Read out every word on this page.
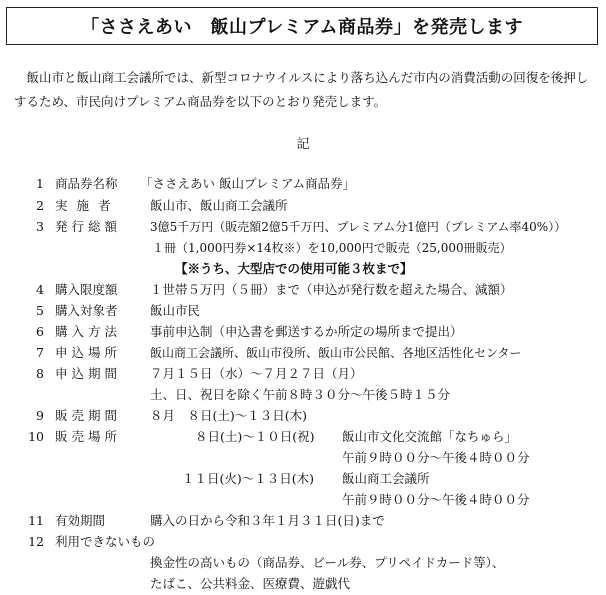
「ささえあい　飯山プレミアム商品券」を発売します

飯山市と飯山商工会議所では、新型コロナウイルスにより落ち込んだ市内の消費活動の回復を後押しするため、市民向けプレミアム商品券を以下のとおり発売します。

記
1 商品券名称 「ささえあい 飯山プレミアム商品券」
2 実施者 飯山市、飯山商工会議所
3 発行総額 3億5千万円（販売額2億5千万円、プレミアム分1億円（プレミアム率40%））
１冊（1,000円券×14枚※）を10,000円で販売（25,000冊販売）
【※うち、大型店での使用可能３枚まで】
4 購入限度額	１世帯５万円（５冊）まで（申込が発行数を超えた場合、減額）
5 購入対象者	飯山市民
6 購入方法 事前申込制（申込書を郵送するか所定の場所まで提出）
7 申込場所 飯山商工会議所、飯山市役所、飯山市公民館、各地区活性化センター
8 申込期間 ７月１５日（水）～７月２７日（月）
土、日、祝日を除く午前８時３０分～午後５時１５分
9 販売期間 ８月　８日(土)～１３日(木)
10 販売場所	８日(土)～１０日(祝) 飯山市文化交流館「なちゅら」
午前９時００分～午後４時００分
１１日(火)～１３日(木) 飯山商工会議所
午前９時００分～午後４時００分
11 有効期間	購入の日から令和３年１月３１日(日)まで
12 利用できないもの
換金性の高いもの（商品券、ビール券、プリペイドカード等）、
たばこ、公共料金、医療費、遊戯代
